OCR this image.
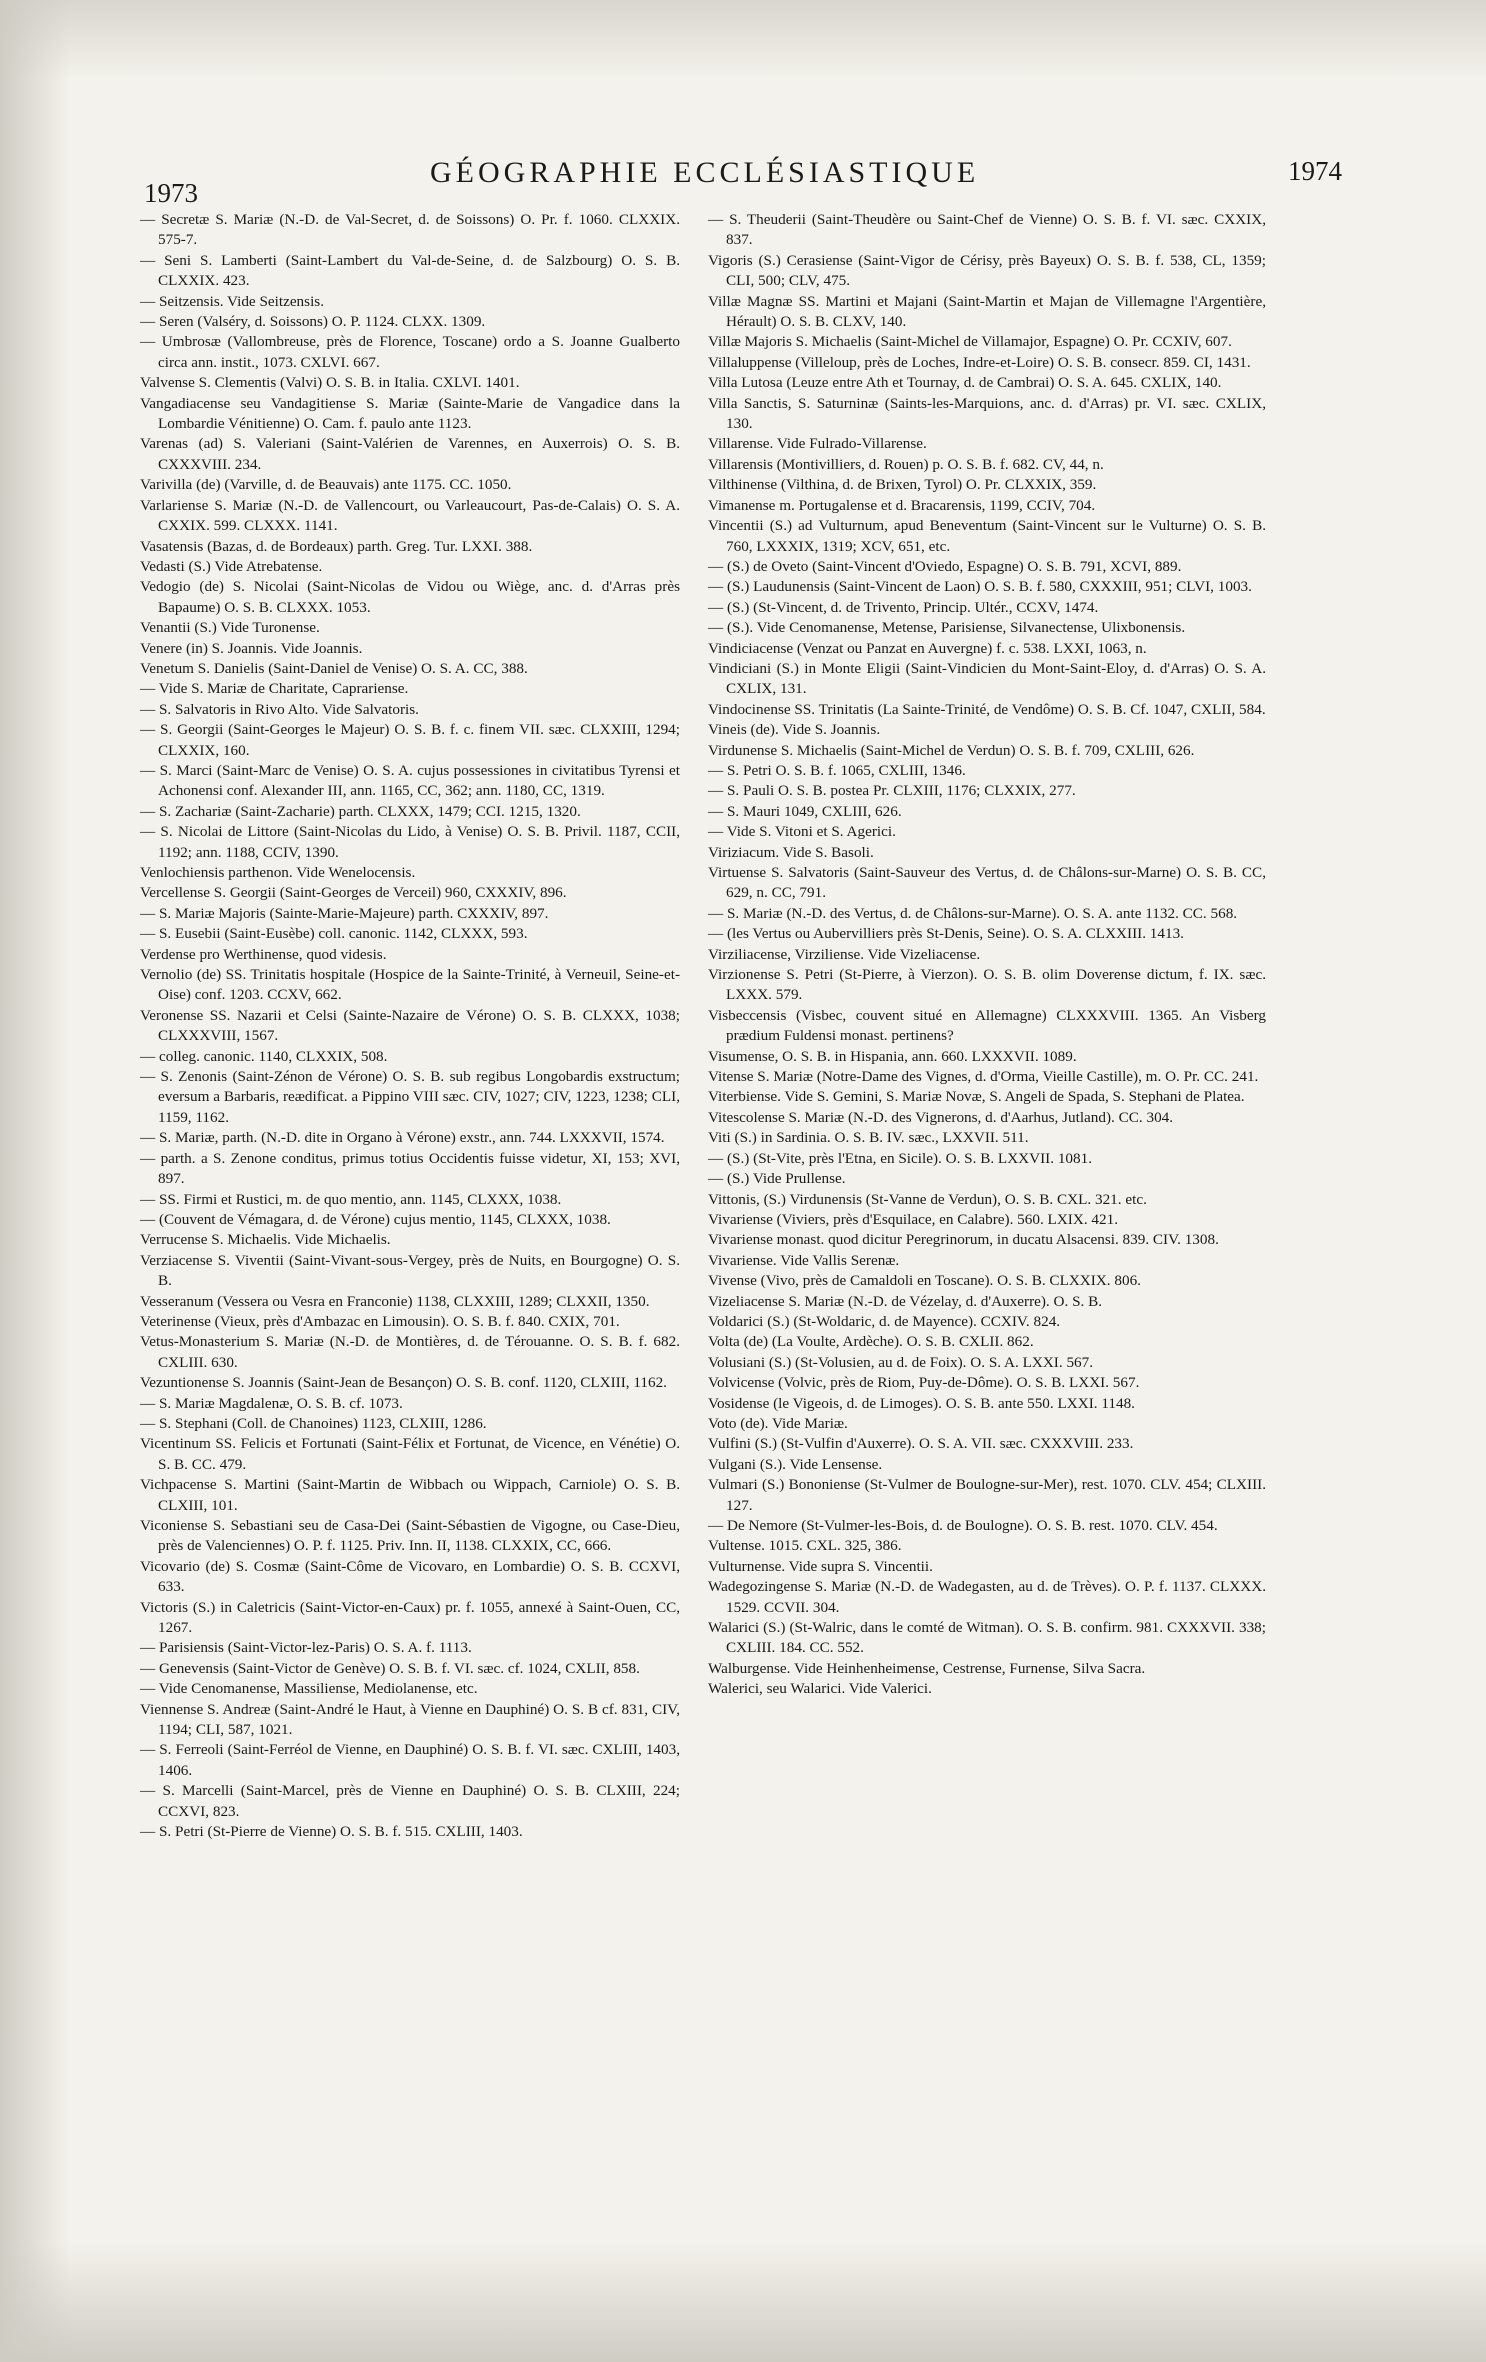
1973
GÉOGRAPHIE ECCLÉSIASTIQUE	1974

— Secretæ S. Mariæ (N.-D. de Val-Secret, d. de Soissons) O. Pr. f. 1060. CLXXIX. 575-7.

— Seni S. Lamberti (Saint-Lambert du Val-de-Seine, d. de Salzbourg) O. S. B. CLXXIX. 423.

— Seitzensis. Vide Seitzensis.

— Seren (Valséry, d. Soissons) O. P. 1124. CLXX. 1309.

— Umbrosæ (Vallombreuse, près de Florence, Toscane) ordo a S. Joanne Gualberto circa ann. instit., 1073. CXLVI. 667.

Valvense S. Clementis (Valvi) O. S. B. in Italia. CXLVI. 1401.

Vangadiacense seu Vandagitiense S. Mariæ (Sainte-Marie de Vangadice dans la Lombardie Vénitienne) O. Cam. f. paulo ante 1123.

Varenas (ad) S. Valeriani (Saint-Valérien de Varennes, en Auxerrois) O. S. B. CXXXVIII. 234.

Varivilla (de) (Varville, d. de Beauvais) ante 1175. CC. 1050.

Varlariense S. Mariæ (N.-D. de Vallencourt, ou Varleaucourt, Pas-de-Calais) O. S. A. CXXIX. 599. CLXXX. 1141.

Vasatensis (Bazas, d. de Bordeaux) parth. Greg. Tur. LXXI. 388.

Vedasti (S.) Vide Atrebatense.

Vedogio (de) S. Nicolai (Saint-Nicolas de Vidou ou Wiège, anc. d. d'Arras près Bapaume) O. S. B. CLXXX. 1053.

Venantii (S.) Vide Turonense.

Venere (in) S. Joannis. Vide Joannis.

Venetum S. Danielis (Saint-Daniel de Venise) O. S. A. CC, 388.

— Vide S. Mariæ de Charitate, Caprariense.

— S. Salvatoris in Rivo Alto. Vide Salvatoris.

— S. Georgii (Saint-Georges le Majeur) O. S. B. f. c. finem VII. sæc. CLXXIII, 1294; CLXXIX, 160.

— S. Marci (Saint-Marc de Venise) O. S. A. cujus possessiones in civitatibus Tyrensi et Achonensi conf. Alexander III, ann. 1165, CC, 362; ann. 1180, CC, 1319.

— S. Zachariæ (Saint-Zacharie) parth. CLXXX, 1479; CCI. 1215, 1320.

— S. Nicolai de Littore (Saint-Nicolas du Lido, à Venise) O. S. B. Privil. 1187, CCII, 1192; ann. 1188, CCIV, 1390.

Venlochiensis parthenon. Vide Wenelocensis.

Vercellense S. Georgii (Saint-Georges de Verceil) 960, CXXXIV, 896.

— S. Mariæ Majoris (Sainte-Marie-Majeure) parth. CXXXIV, 897.

— S. Eusebii (Saint-Eusèbe) coll. canonic. 1142, CLXXX, 593.

Verdense pro Werthinense, quod videsis.

Vernolio (de) SS. Trinitatis hospitale (Hospice de la Sainte-Trinité, à Verneuil, Seine-et-Oise) conf. 1203. CCXV, 662.

Veronense SS. Nazarii et Celsi (Sainte-Nazaire de Vérone) O. S. B. CLXXX, 1038; CLXXXVIII, 1567.

— colleg. canonic. 1140, CLXXIX, 508.

— S. Zenonis (Saint-Zénon de Vérone) O. S. B. sub regibus Longobardis exstructum; eversum a Barbaris, reædificat. a Pippino VIII sæc. CIV, 1027; CIV, 1223, 1238; CLI, 1159, 1162.

— S. Mariæ, parth. (N.-D. dite in Organo à Vérone) exstr., ann. 744. LXXXVII, 1574.

— parth. a S. Zenone conditus, primus totius Occidentis fuisse videtur, XI, 153; XVI, 897.

— SS. Firmi et Rustici, m. de quo mentio, ann. 1145, CLXXX, 1038.

— (Couvent de Vémagara, d. de Vérone) cujus mentio, 1145, CLXXX, 1038.

Verrucense S. Michaelis. Vide Michaelis.

Verziacense S. Viventii (Saint-Vivant-sous-Vergey, près de Nuits, en Bourgogne) O. S. B.

Vesseranum (Vessera ou Vesra en Franconie) 1138, CLXXIII, 1289; CLXXII, 1350.

Veterinense (Vieux, près d'Ambazac en Limousin). O. S. B. f. 840. CXIX, 701.

Vetus-Monasterium S. Mariæ (N.-D. de Montières, d. de Térouanne. O. S. B. f. 682. CXLIII. 630.

Vezuntionense S. Joannis (Saint-Jean de Besançon) O. S. B. conf. 1120, CLXIII, 1162.

— S. Mariæ Magdalenæ, O. S. B. cf. 1073.

— S. Stephani (Coll. de Chanoines) 1123, CLXIII, 1286.

Vicentinum SS. Felicis et Fortunati (Saint-Félix et Fortunat, de Vicence, en Vénétie) O. S. B. CC. 479.

Vichpacense S. Martini (Saint-Martin de Wibbach ou Wippach, Carniole) O. S. B. CLXIII, 101.

Viconiense S. Sebastiani seu de Casa-Dei (Saint-Sébastien de Vigogne, ou Case-Dieu, près de Valenciennes) O. P. f. 1125. Priv. Inn. II, 1138. CLXXIX, CC, 666.

Vicovario (de) S. Cosmæ (Saint-Côme de Vicovaro, en Lombardie) O. S. B. CCXVI, 633.

Victoris (S.) in Caletricis (Saint-Victor-en-Caux) pr. f. 1055, annexé à Saint-Ouen, CC, 1267.

— Parisiensis (Saint-Victor-lez-Paris) O. S. A. f. 1113.

— Genevensis (Saint-Victor de Genève) O. S. B. f. VI. sæc. cf. 1024, CXLII, 858.

— Vide Cenomanense, Massiliense, Mediolanense, etc.

Viennense S. Andreæ (Saint-André le Haut, à Vienne en Dauphiné) O. S. B cf. 831, CIV, 1194; CLI, 587, 1021.

— S. Ferreoli (Saint-Ferréol de Vienne, en Dauphiné) O. S. B. f. VI. sæc. CXLIII, 1403, 1406.

— S. Marcelli (Saint-Marcel, près de Vienne en Dauphiné) O. S. B. CLXIII, 224; CCXVI, 823.

— S. Petri (St-Pierre de Vienne) O. S. B. f. 515. CXLIII, 1403.

— S. Theuderii (Saint-Theudère ou Saint-Chef de Vienne) O. S. B. f. VI. sæc. CXXIX, 837.

Vigoris (S.) Cerasiense (Saint-Vigor de Cérisy, près Bayeux) O. S. B. f. 538, CL, 1359; CLI, 500; CLV, 475.

Villæ Magnæ SS. Martini et Majani (Saint-Martin et Majan de Villemagne l'Argentière, Hérault) O. S. B. CLXV, 140.

Villæ Majoris S. Michaelis (Saint-Michel de Villamajor, Espagne) O. Pr. CCXIV, 607.

Villaluppense (Villeloup, près de Loches, Indre-et-Loire) O. S. B. consecr. 859. CI, 1431.

Villa Lutosa (Leuze entre Ath et Tournay, d. de Cambrai) O. S. A. 645. CXLIX, 140.

Villa Sanctis, S. Saturninæ (Saints-les-Marquions, anc. d. d'Arras) pr. VI. sæc. CXLIX, 130.

Villarense. Vide Fulrado-Villarense.

Villarensis (Montivilliers, d. Rouen) p. O. S. B. f. 682. CV, 44, n.

Vilthinense (Vilthina, d. de Brixen, Tyrol) O. Pr. CLXXIX, 359.

Vimanense m. Portugalense et d. Bracarensis, 1199, CCIV, 704.

Vincentii (S.) ad Vulturnum, apud Beneventum (Saint-Vincent sur le Vulturne) O. S. B. 760, LXXXIX, 1319; XCV, 651, etc.

— (S.) de Oveto (Saint-Vincent d'Oviedo, Espagne) O. S. B. 791, XCVI, 889.

— (S.) Laudunensis (Saint-Vincent de Laon) O. S. B. f. 580, CXXXIII, 951; CLVI, 1003.

— (S.) (St-Vincent, d. de Trivento, Princip. Ultér., CCXV, 1474.

— (S.). Vide Cenomanense, Metense, Parisiense, Silvanectense, Ulixbonensis.

Vindiciacense (Venzat ou Panzat en Auvergne) f. c. 538. LXXI, 1063, n.

Vindiciani (S.) in Monte Eligii (Saint-Vindicien du Mont-Saint-Eloy, d. d'Arras) O. S. A. CXLIX, 131.

Vindocinense SS. Trinitatis (La Sainte-Trinité, de Vendôme) O. S. B. Cf. 1047, CXLII, 584.

Vineis (de). Vide S. Joannis.

Virdunense S. Michaelis (Saint-Michel de Verdun) O. S. B. f. 709, CXLIII, 626.

— S. Petri O. S. B. f. 1065, CXLIII, 1346.

— S. Pauli O. S. B. postea Pr. CLXIII, 1176; CLXXIX, 277.

— S. Mauri 1049, CXLIII, 626.

— Vide S. Vitoni et S. Agerici.

Viriziacum. Vide S. Basoli.

Virtuense S. Salvatoris (Saint-Sauveur des Vertus, d. de Châlons-sur-Marne) O. S. B. CC, 629, n. CC, 791.

— S. Mariæ (N.-D. des Vertus, d. de Châlons-sur-Marne). O. S. A. ante 1132. CC. 568.

— (les Vertus ou Aubervilliers près St-Denis, Seine). O. S. A. CLXXIII. 1413.

Virziliacense, Virziliense. Vide Vizeliacense.

Virzionense S. Petri (St-Pierre, à Vierzon). O. S. B. olim Doverense dictum, f. IX. sæc. LXXX. 579.

Visbeccensis (Visbec, couvent situé en Allemagne) CLXXXVIII. 1365. An Visberg prædium Fuldensi monast. pertinens?

Visumense, O. S. B. in Hispania, ann. 660. LXXXVII. 1089.

Vitense S. Mariæ (Notre-Dame des Vignes, d. d'Orma, Vieille Castille), m. O. Pr. CC. 241.

Viterbiense. Vide S. Gemini, S. Mariæ Novæ, S. Angeli de Spada, S. Stephani de Platea.

Vitescolense S. Mariæ (N.-D. des Vignerons, d. d'Aarhus, Jutland). CC. 304.

Viti (S.) in Sardinia. O. S. B. IV. sæc., LXXVII. 511.

— (S.) (St-Vite, près l'Etna, en Sicile). O. S. B. LXXVII. 1081.

— (S.) Vide Prullense.

Vittonis, (S.) Virdunensis (St-Vanne de Verdun), O. S. B. CXL. 321. etc.

Vivariense (Viviers, près d'Esquilace, en Calabre). 560. LXIX. 421.

Vivariense monast. quod dicitur Peregrinorum, in ducatu Alsacensi. 839. CIV. 1308.

Vivariense. Vide Vallis Serenæ.

Vivense (Vivo, près de Camaldoli en Toscane). O. S. B. CLXXIX. 806.

Vizeliacense S. Mariæ (N.-D. de Vézelay, d. d'Auxerre). O. S. B.

Voldarici (S.) (St-Woldaric, d. de Mayence). CCXIV. 824.

Volta (de) (La Voulte, Ardèche). O. S. B. CXLII. 862.

Volusiani (S.) (St-Volusien, au d. de Foix). O. S. A. LXXI. 567.

Volvicense (Volvic, près de Riom, Puy-de-Dôme). O. S. B. LXXI. 567.

Vosidense (le Vigeois, d. de Limoges). O. S. B. ante 550. LXXI. 1148.

Voto (de). Vide Mariæ.

Vulfini (S.) (St-Vulfin d'Auxerre). O. S. A. VII. sæc. CXXXVIII. 233.

Vulgani (S.). Vide Lensense.

Vulmari (S.) Bononiense (St-Vulmer de Boulogne-sur-Mer), rest. 1070. CLV. 454; CLXIII. 127.

— De Nemore (St-Vulmer-les-Bois, d. de Boulogne). O. S. B. rest. 1070. CLV. 454.

Vultense. 1015. CXL. 325, 386.

Vulturnense. Vide supra S. Vincentii.

Wadegozingense S. Mariæ (N.-D. de Wadegasten, au d. de Trèves). O. P. f. 1137. CLXXX. 1529. CCVII. 304.

Walarici (S.) (St-Walric, dans le comté de Witman). O. S. B. confirm. 981. CXXXVII. 338; CXLIII. 184. CC. 552.

Walburgense. Vide Heinhenheimense, Cestrense, Furnense, Silva Sacra.

Walerici, seu Walarici. Vide Valerici.
